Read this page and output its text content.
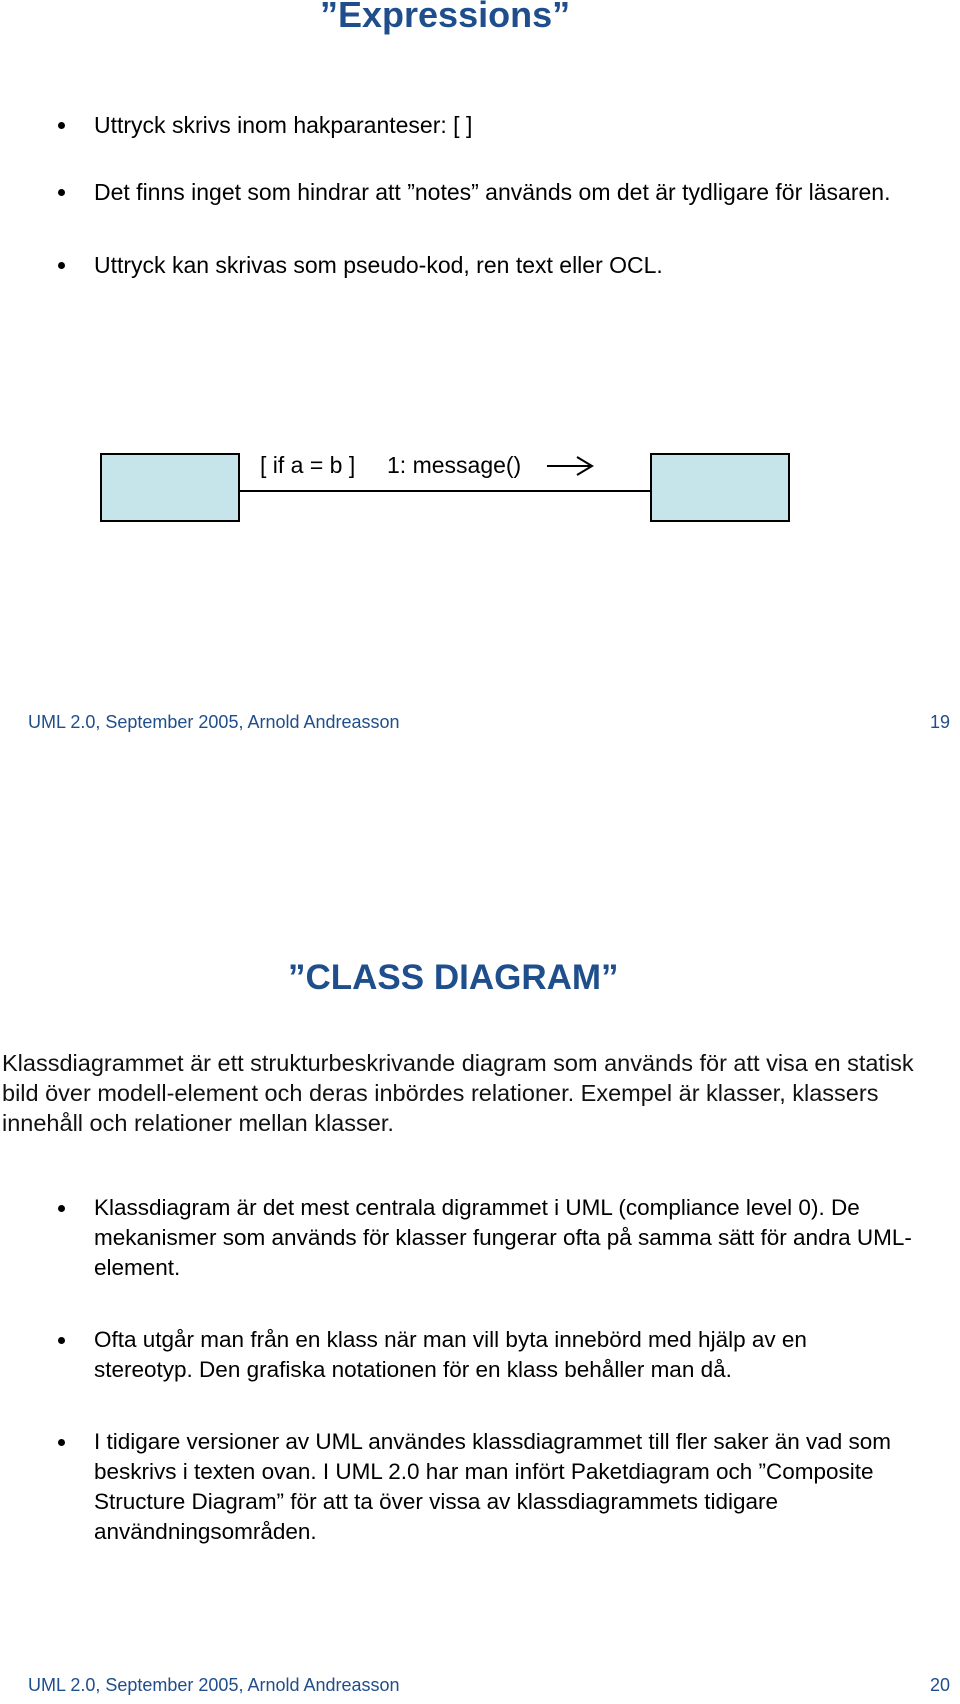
”Expressions”
Uttryck skrivs inom hakparanteser: [ ]
Det finns inget som hindrar att ”notes” används om det är tydligare för läsaren.
Uttryck kan skrivas som pseudo-kod, ren text eller OCL.
[ if a = b ] 1: message()
UML 2.0, September 2005, Arnold Andreasson	19
”CLASS DIAGRAM”
Klassdiagrammet är ett strukturbeskrivande diagram som används för att visa en statisk bild över modell-element och deras inbördes relationer. Exempel är klasser, klassers innehåll och relationer mellan klasser.
Klassdiagram är det mest centrala digrammet i UML (compliance level 0). De mekanismer som används för klasser fungerar ofta på samma sätt för andra UML-element.
Ofta utgår man från en klass när man vill byta innebörd med hjälp av en stereotyp. Den grafiska notationen för en klass behåller man då.
I tidigare versioner av UML användes klassdiagrammet till fler saker än vad som beskrivs i texten ovan. I UML 2.0 har man infört Paketdiagram och ”Composite Structure Diagram” för att ta över vissa av klassdiagrammets tidigare användningsområden.
UML 2.0, September 2005, Arnold Andreasson	20
